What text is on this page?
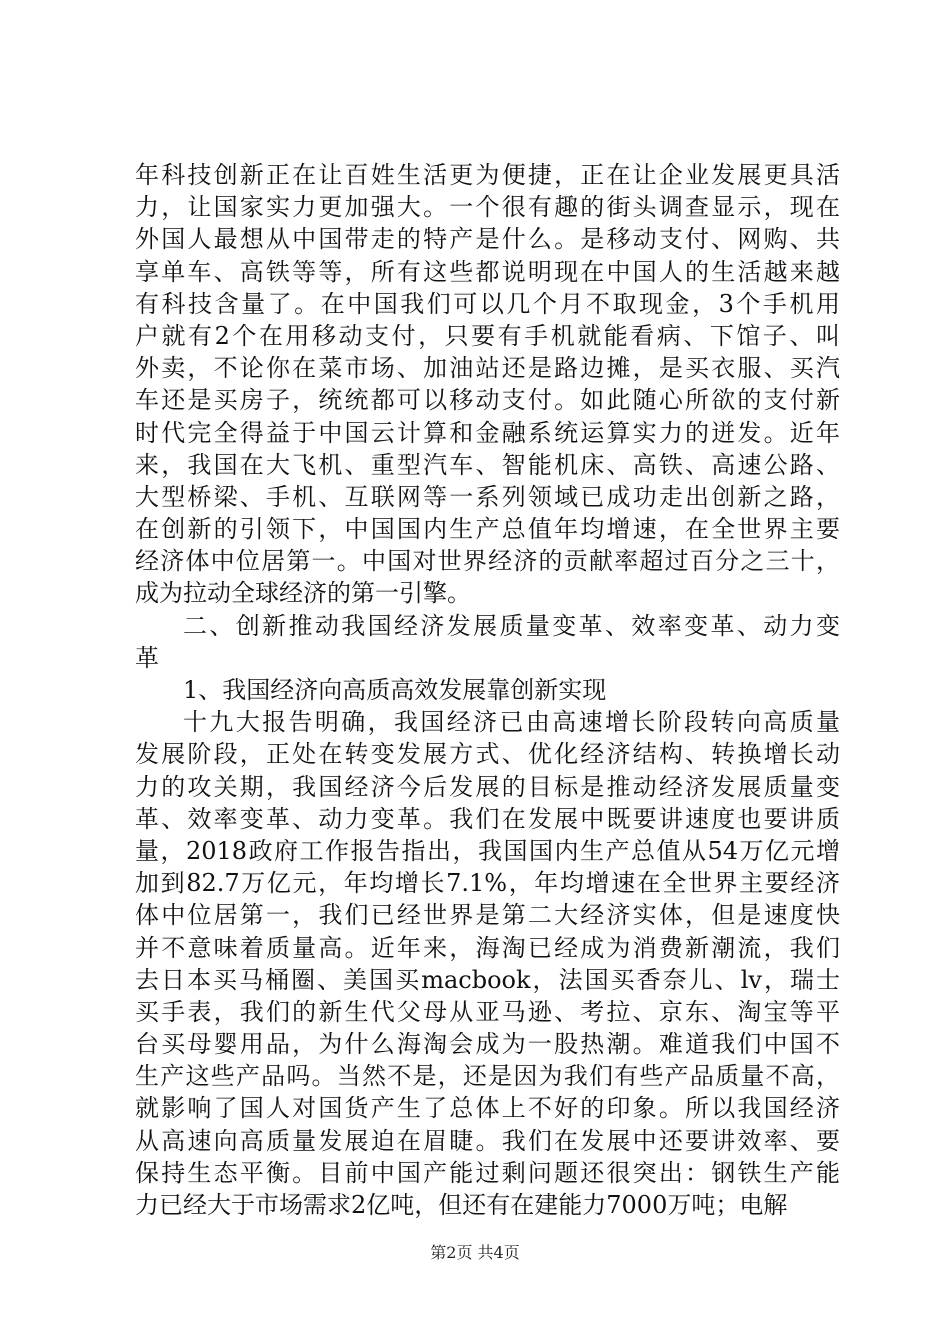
年科技创新正在让百姓生活更为便捷，正在让企业发展更具活
力，让国家实力更加强大。一个很有趣的街头调查显示，现在
外国人最想从中国带走的特产是什么。是移动支付、网购、共
享单车、高铁等等，所有这些都说明现在中国人的生活越来越
有科技含量了。在中国我们可以几个月不取现金，3个手机用
户就有2个在用移动支付，只要有手机就能看病、下馆子、叫
外卖，不论你在菜市场、加油站还是路边摊，是买衣服、买汽
车还是买房子，统统都可以移动支付。如此随心所欲的支付新
时代完全得益于中国云计算和金融系统运算实力的迸发。近年
来，我国在大飞机、重型汽车、智能机床、高铁、高速公路、
大型桥梁、手机、互联网等一系列领域已成功走出创新之路，
在创新的引领下，中国国内生产总值年均增速，在全世界主要
经济体中位居第一。中国对世界经济的贡献率超过百分之三十，
成为拉动全球经济的第一引擎。

二、创新推动我国经济发展质量变革、效率变革、动力变
革

1、我国经济向高质高效发展靠创新实现

十九大报告明确，我国经济已由高速增长阶段转向高质量
发展阶段，正处在转变发展方式、优化经济结构、转换增长动
力的攻关期，我国经济今后发展的目标是推动经济发展质量变
革、效率变革、动力变革。我们在发展中既要讲速度也要讲质
量，2018政府工作报告指出，我国国内生产总值从54万亿元增
加到82.7万亿元，年均增长7.1%，年均增速在全世界主要经济
体中位居第一，我们已经世界是第二大经济实体，但是速度快
并不意味着质量高。近年来，海淘已经成为消费新潮流，我们
去日本买马桶圈、美国买macbook，法国买香奈儿、lv，瑞士
买手表，我们的新生代父母从亚马逊、考拉、京东、淘宝等平
台买母婴用品，为什么海淘会成为一股热潮。难道我们中国不
生产这些产品吗。当然不是，还是因为我们有些产品质量不高，
就影响了国人对国货产生了总体上不好的印象。所以我国经济
从高速向高质量发展迫在眉睫。我们在发展中还要讲效率、要
保持生态平衡。目前中国产能过剩问题还很突出：钢铁生产能
力已经大于市场需求2亿吨，但还有在建能力7000万吨；电解

第2页 共4页
